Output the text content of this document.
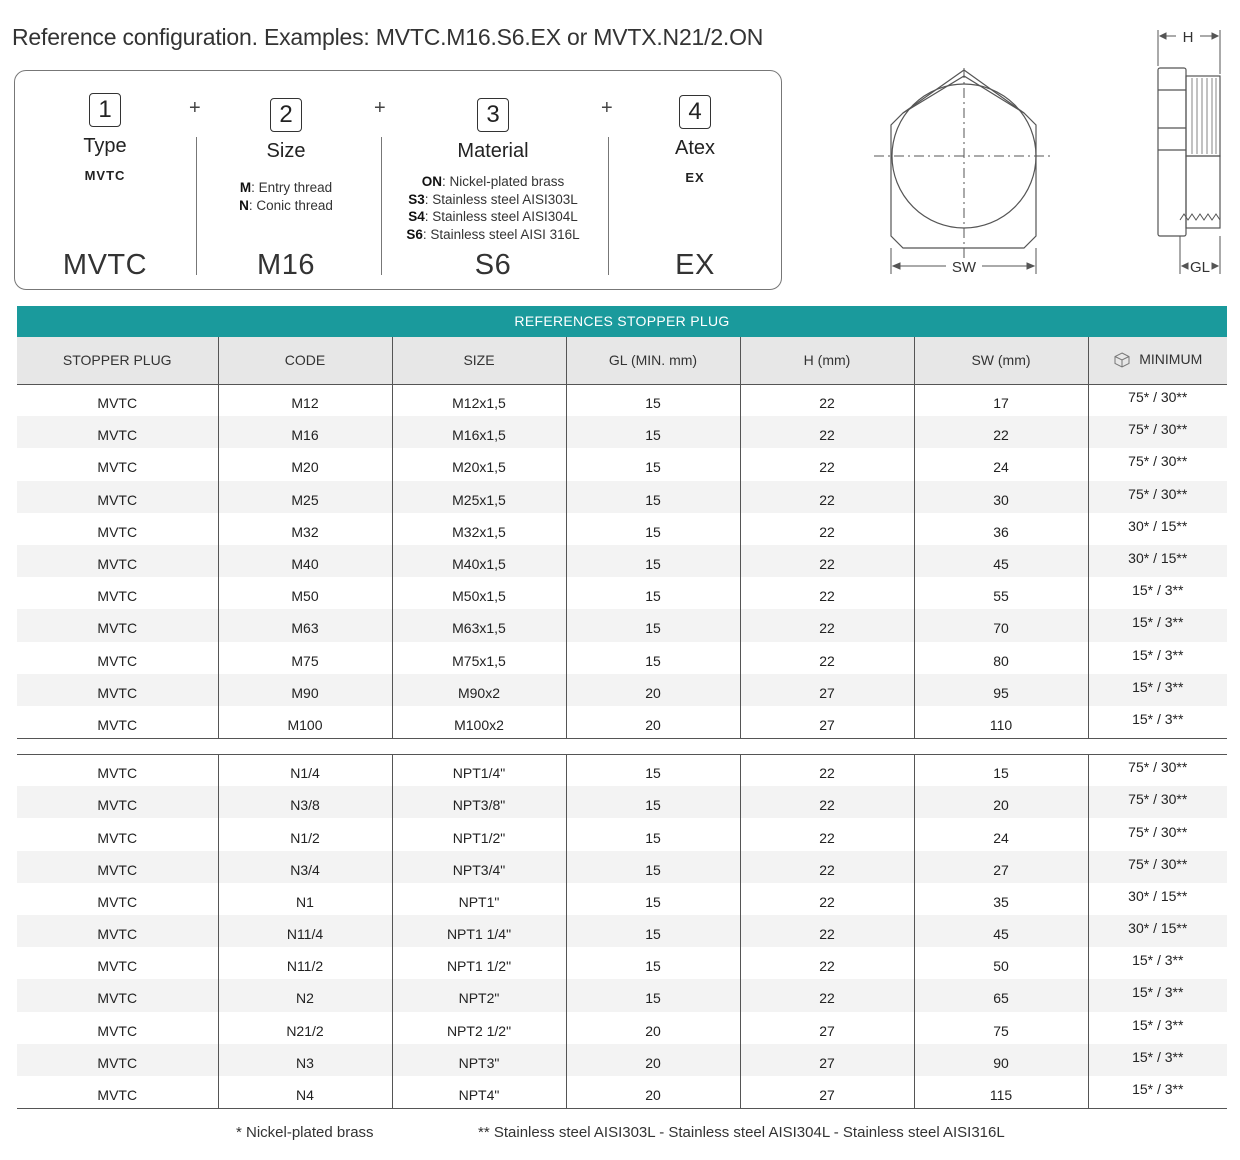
Reference configuration. Examples: MVTC.M16.S6.EX or MVTX.N21/2.ON
1
Type
MVTC
MVTC
+	2
Size
M: Entry thread
N: Conic thread
M16
+	3
Material
ON: Nickel-plated brass
S3: Stainless steel AISI303L
S4: Stainless steel AISI304L
S6: Stainless steel AISI 316L
S6
+	4
Atex
EX
EX	SW
H
GL
REFERENCES STOPPER PLUG
STOPPER PLUG	CODE	SIZE	GL (MIN. mm)	H (mm)	SW (mm)	MINIMUM
MVTC	M12	M12x1,5	15	22	17	75* / 30**
MVTC	M16	M16x1,5	15	22	22	75* / 30**
MVTC	M20	M20x1,5	15	22	24	75* / 30**
MVTC	M25	M25x1,5	15	22	30	75* / 30**
MVTC	M32	M32x1,5	15	22	36	30* / 15**
MVTC	M40	M40x1,5	15	22	45	30* / 15**
MVTC	M50	M50x1,5	15	22	55	15* / 3**
MVTC	M63	M63x1,5	15	22	70	15* / 3**
MVTC	M75	M75x1,5	15	22	80	15* / 3**
MVTC	M90	M90x2	20	27	95	15* / 3**
MVTC	M100	M100x2	20	27	110	15* / 3**

MVTC	N1/4	NPT1/4"	15	22	15	75* / 30**
MVTC	N3/8	NPT3/8"	15	22	20	75* / 30**
MVTC	N1/2	NPT1/2"	15	22	24	75* / 30**
MVTC	N3/4	NPT3/4"	15	22	27	75* / 30**
MVTC	N1	NPT1"	15	22	35	30* / 15**
MVTC	N11/4	NPT1 1/4"	15	22	45	30* / 15**
MVTC	N11/2	NPT1 1/2"	15	22	50	15* / 3**
MVTC	N2	NPT2"	15	22	65	15* / 3**
MVTC	N21/2	NPT2 1/2"	20	27	75	15* / 3**
MVTC	N3	NPT3"	20	27	90	15* / 3**
MVTC	N4	NPT4"	20	27	115	15* / 3**
* Nickel-plated brass	** Stainless steel AISI303L - Stainless steel AISI304L - Stainless steel AISI316L
